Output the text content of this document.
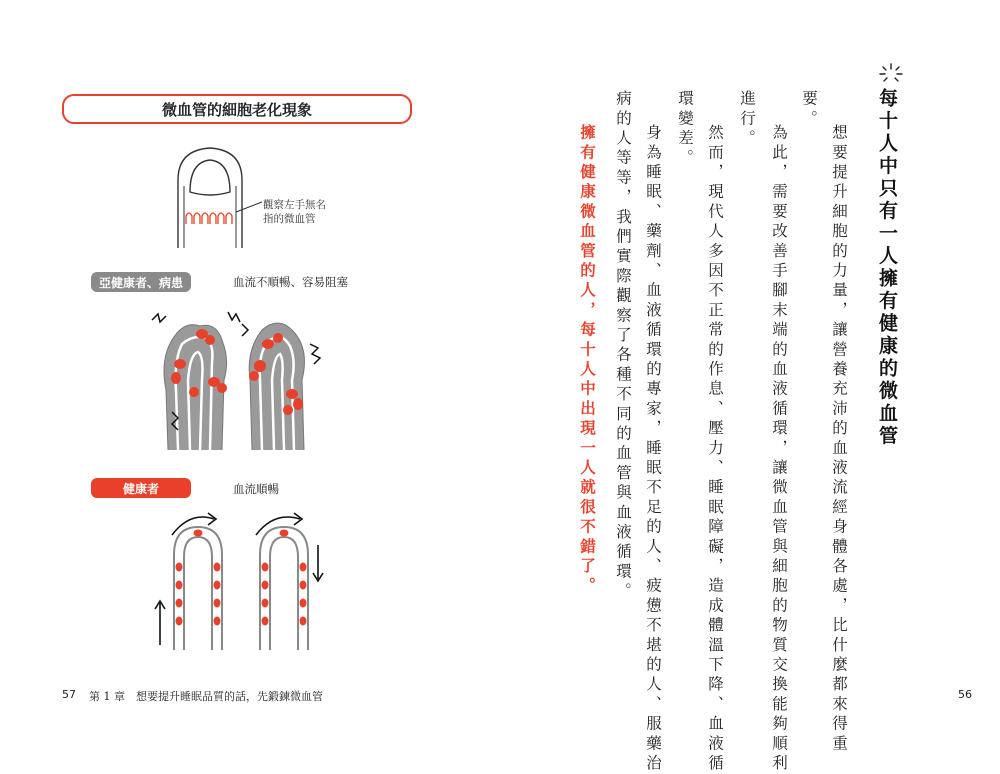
微血管的細胞老化現象
觀察左手無名指的微血管
亞健康者、病患	血流不順暢、容易阻塞
健康者	血流順暢
每十人中只有一人擁有健康的微血管
想要提升細胞的力量，讓營養充沛的血液流經身體各處，比什麼都來得重
要。
為此，需要改善手腳末端的血液循環，讓微血管與細胞的物質交換能夠順利
進行。
然而，現代人多因不正常的作息、壓力、睡眠障礙，造成體溫下降、血液循
環變差。
身為睡眠、藥劑、血液循環的專家，睡眠不足的人、疲憊不堪的人、服藥治
病的人等等，我們實際觀察了各種不同的血管與血液循環。
擁有健康微血管的人，每十人中出現一人就很不錯了。
57 第 1 章　想要提升睡眠品質的話，先鍛鍊微血管	56
